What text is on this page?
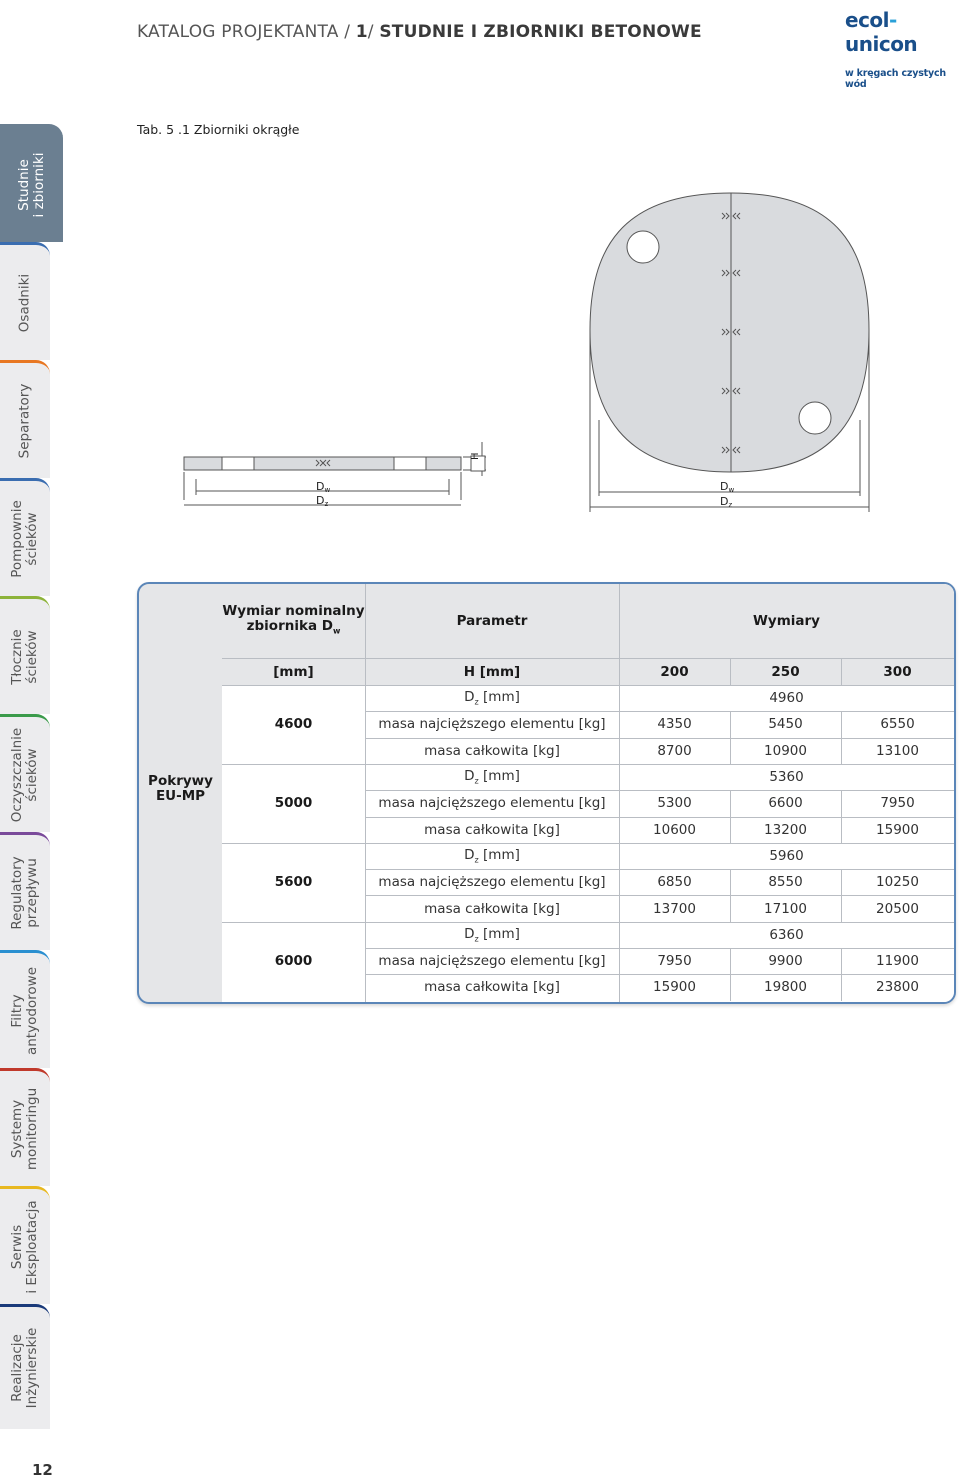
KATALOG PROJEKTANTA / 1/ STUDNIE I ZBIORNIKI BETONOWE	ecol-unicon
w kręgach czystych wód
Studnie i zbiorniki
Osadniki
Separatory
Pompownie ścieków
Tłocznie ścieków
Oczyszczalnie ścieków
Regulatory przepływu
Filtry antyodorowe
Systemy monitoringu
Serwis i Eksploatacja
Realizacje Inżynierskie
12
Tab. 5 .1 Zbiorniki okrągłe
Dw
Dz
H
Dw
Dz
Pokrywy
EU-MP
Wymiar nominalny
zbiornika $D_w$
Parametr	Wymiary
[mm]	H [mm]	200	250	300
4600
$D_z$ [mm]	4960
masa najcięższego elementu [kg]	4350	5450	6550
masa całkowita [kg]	8700	10900	13100
5000
$D_z$ [mm]	5360
masa najcięższego elementu [kg]	5300	6600	7950
masa całkowita [kg]	10600	13200	15900
5600
$D_z$ [mm]	5960
masa najcięższego elementu [kg]	6850	8550	10250
masa całkowita [kg]	13700	17100	20500
6000
$D_z$ [mm]	6360
masa najcięższego elementu [kg]	7950	9900	11900
masa całkowita [kg]	15900	19800	23800
